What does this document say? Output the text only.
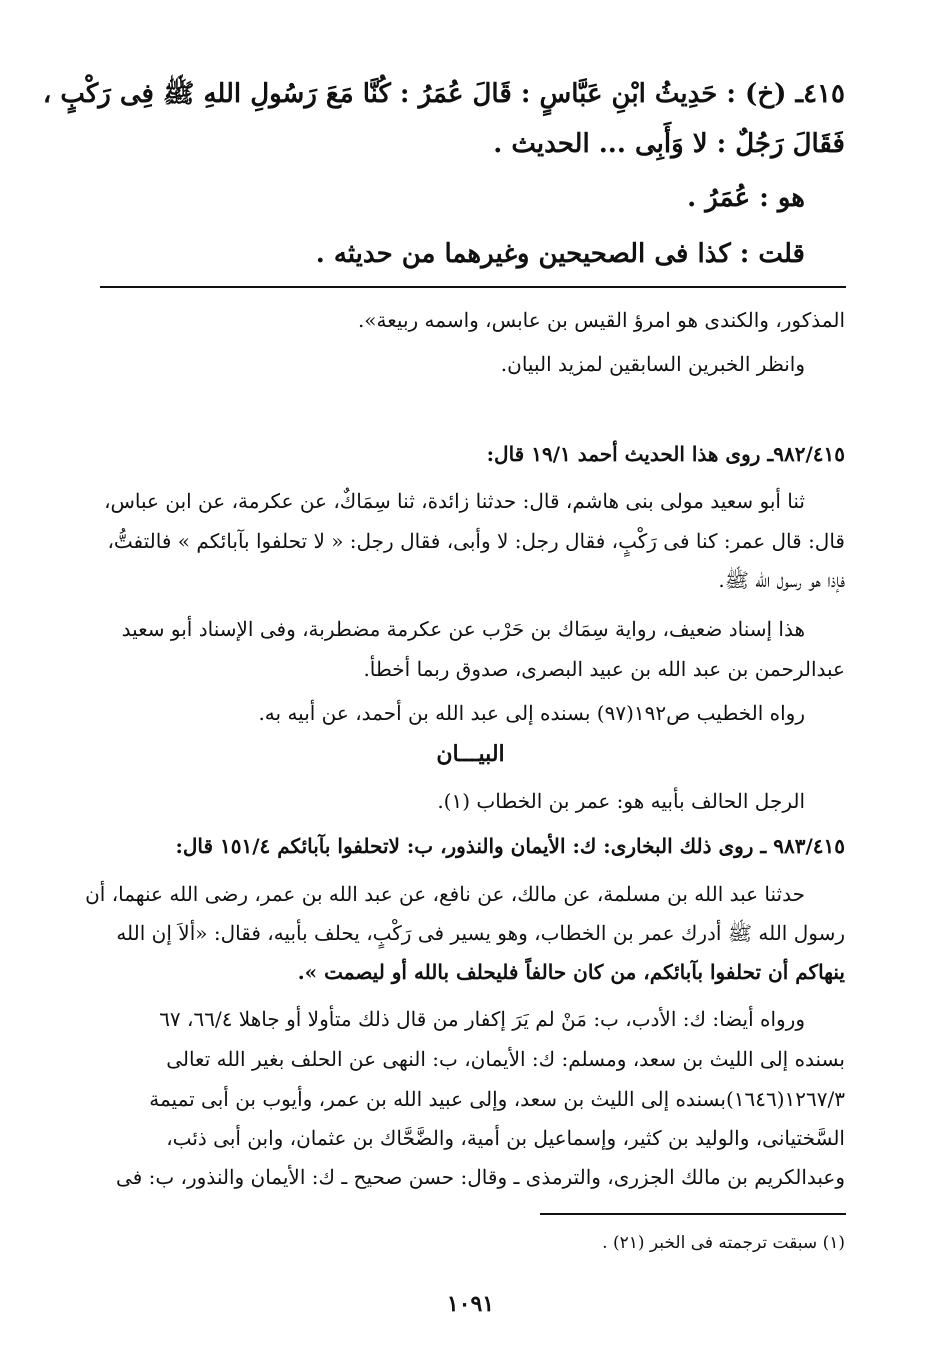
٤١٥ـ (خ) : حَدِيثُ ابْنِ عَبَّاسٍ : قَالَ عُمَرُ : كُنَّا مَعَ رَسُولِ اللهِ ﷺ فِى رَكْبٍ ،
فَقَالَ رَجُلٌ : لا وَأَبِى ... الحديث .
هو : عُمَرُ .
قلت : كذا فى الصحيحين وغيرهما من حديثه .
المذكور، والكندى هو امرؤ القيس بن عابس، واسمه ربيعة».
وانظر الخبرين السابقين لمزيد البيان.
٩٨٢/٤١٥ـ روى هذا الحديث أحمد ١٩/١ قال:
ثنا أبو سعيد مولى بنى هاشم، قال: حدثنا زائدة، ثنا سِمَاكٌ، عن عكرمة، عن ابن عباس،
قال: قال عمر: كنا فى رَكْبٍ، فقال رجل: لا وأبى، فقال رجل: « لا تحلفوا بآبائكم » فالتفتُّ،
فإذا هو رسول الله ﷺ.
هذا إسناد ضعيف، رواية سِمَاك بن حَرْب عن عكرمة مضطربة، وفى الإسناد أبو سعيد
عبدالرحمن بن عبد الله بن عبيد البصرى، صدوق ربما أخطأ.
رواه الخطيب ص١٩٢(٩٧) بسنده إلى عبد الله بن أحمد، عن أبيه به.
البيـــان
الرجل الحالف بأبيه هو: عمر بن الخطاب (١).
٩٨٣/٤١٥ ـ روى ذلك البخارى: ك: الأيمان والنذور، ب: لاتحلفوا بآبائكم ١٥١/٤ قال:
حدثنا عبد الله بن مسلمة، عن مالك، عن نافع، عن عبد الله بن عمر، رضى الله عنهما، أن
رسول الله ﷺ أدرك عمر بن الخطاب، وهو يسير فى رَكْبٍ، يحلف بأبيه، فقال: «ألاَ إن الله
ينهاكم أن تحلفوا بآبائكم، من كان حالفاً فليحلف بالله أو ليصمت ».
ورواه أيضا: ك: الأدب، ب: مَنْ لم يَرَ إكفار من قال ذلك متأولا أو جاهلا ٦٦/٤، ٦٧
بسنده إلى الليث بن سعد، ومسلم: ك: الأيمان، ب: النهى عن الحلف بغير الله تعالى
١٢٦٧/٣(١٦٤٦)بسنده إلى الليث بن سعد، وإلى عبيد الله بن عمر، وأيوب بن أبى تميمة
السَّختيانى، والوليد بن كثير، وإسماعيل بن أمية، والضَّحَّاك بن عثمان، وابن أبى ذئب،
وعبدالكريم بن مالك الجزرى، والترمذى ـ وقال: حسن صحيح ـ ك: الأيمان والنذور، ب: فى
(١) سبقت ترجمته فى الخبر (٢١) .
١٠٩١
